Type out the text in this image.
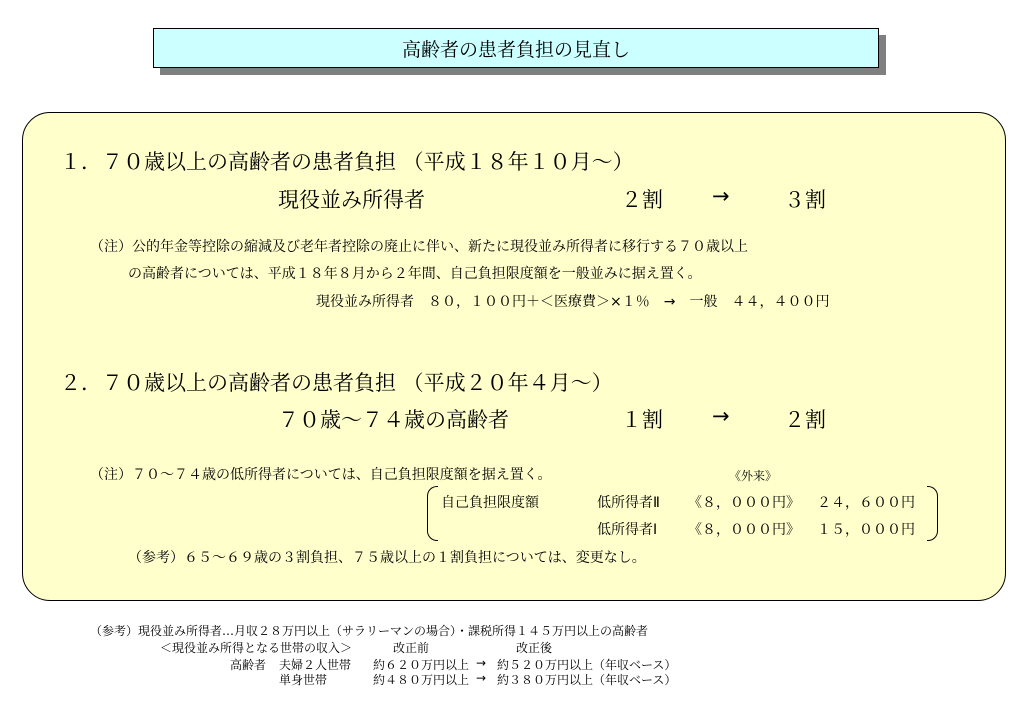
高齢者の患者負担の見直し
１．７０歳以上の高齢者の患者負担 （平成１８年１０月～）
現役並み所得者	２割 →	３割
（注）公的年金等控除の縮減及び老年者控除の廃止に伴い、新たに現役並み所得者に移行する７０歳以上
の高齢者については、平成１８年８月から２年間、自己負担限度額を一般並みに据え置く。
現役並み所得者　８０，１００円＋＜医療費＞×１％　→　一般　４４，４００円
２．７０歳以上の高齢者の患者負担 （平成２０年４月～）
７０歳～７４歳の高齢者	１割 →	２割
（注）７０～７４歳の低所得者については、自己負担限度額を据え置く。	《外来》
自己負担限度額	低所得者Ⅱ 《８，０００円》 ２４，６００円
低所得者Ⅰ 《８，０００円》 １５，０００円
（参考）６５～６９歳の３割負担、７５歳以上の１割負担については、変更なし。
（参考）現役並み所得者…月収２８万円以上（サラリーマンの場合）・課税所得１４５万円以上の高齢者
＜現役並み所得となる世帯の収入＞	改正前	改正後
高齢者 夫婦２人世帯 約６２０万円以上 → 約５２０万円以上（年収ベース）
単身世帯	約４８０万円以上 → 約３８０万円以上（年収ベース）
